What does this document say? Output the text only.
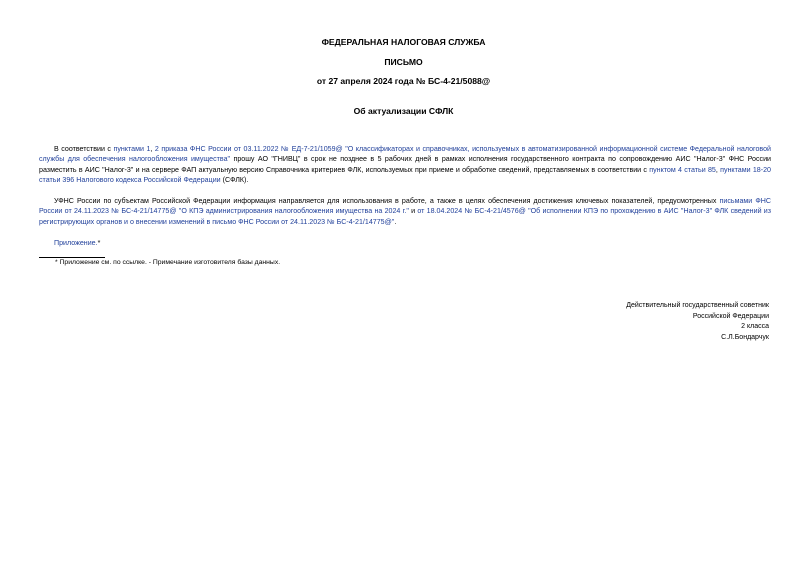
ФЕДЕРАЛЬНАЯ НАЛОГОВАЯ СЛУЖБА
ПИСЬМО
от 27 апреля 2024 года № БС-4-21/5088@
Об актуализации СФЛК
В соответствии с пунктами 1, 2 приказа ФНС России от 03.11.2022 № ЕД-7-21/1059@ "О классификаторах и справочниках, используемых в автоматизированной информационной системе Федеральной налоговой службы для обеспечения налогообложения имущества" прошу АО "ГНИВЦ" в срок не позднее в 5 рабочих дней в рамках исполнения государственного контракта по сопровождению АИС "Налог-3" ФНС России разместить в АИС "Налог-3" и на сервере ФАП актуальную версию Справочника критериев ФЛК, используемых при приеме и обработке сведений, представляемых в соответствии с пунктом 4 статьи 85, пунктами 18-20 статьи 396 Налогового кодекса Российской Федерации (СФЛК).
УФНС России по субъектам Российской Федерации информация направляется для использования в работе, а также в целях обеспечения достижения ключевых показателей, предусмотренных письмами ФНС России от 24.11.2023 № БС-4-21/14775@ "О КПЭ администрирования налогообложения имущества на 2024 г." и от 18.04.2024 № БС-4-21/4576@ "Об исполнении КПЭ по прохождению в АИС "Налог-3" ФЛК сведений из регистрирующих органов и о внесении изменений в письмо ФНС России от 24.11.2023 № БС-4-21/14775@".
Приложение.*
* Приложение см. по ссылке. - Примечание изготовителя базы данных.
Действительный государственный советник
Российской Федерации
2 класса
С.Л.Бондарчук
